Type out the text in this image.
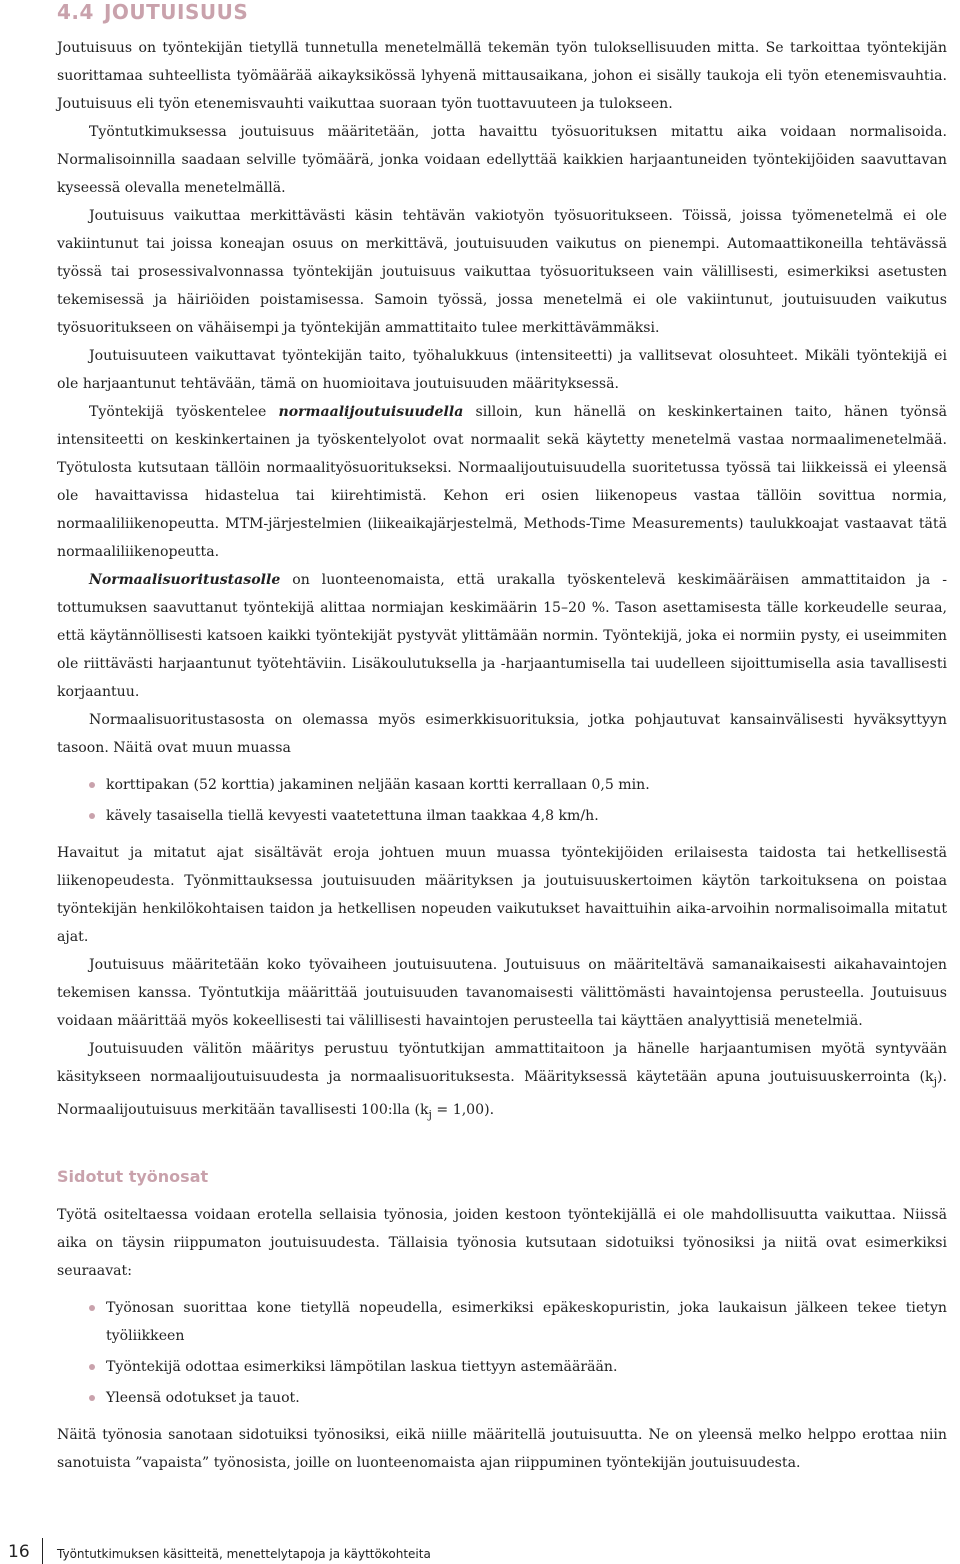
4.4 JOUTUISUUS

Joutuisuus on työntekijän tietyllä tunnetulla menetelmällä tekemän työn tuloksellisuuden mitta. Se tarkoittaa työntekijän suorittamaa suhteellista työmäärää aikayksikössä lyhyenä mittausaikana, johon ei sisälly taukoja eli työn etenemisvauhtia. Joutuisuus eli työn etenemisvauhti vaikuttaa suoraan työn tuottavuuteen ja tulokseen.

Työntutkimuksessa joutuisuus määritetään, jotta havaittu työsuorituksen mitattu aika voidaan normalisoida. Normalisoinnilla saadaan selville työmäärä, jonka voidaan edellyttää kaikkien harjaantuneiden työntekijöiden saavuttavan kyseessä olevalla menetelmällä.

Joutuisuus vaikuttaa merkittävästi käsin tehtävän vakiotyön työsuoritukseen. Töissä, joissa työmenetelmä ei ole vakiintunut tai joissa koneajan osuus on merkittävä, joutuisuuden vaikutus on pienempi. Automaattikoneilla tehtävässä työssä tai prosessivalvonnassa työntekijän joutuisuus vaikuttaa työsuoritukseen vain välillisesti, esimerkiksi asetusten tekemisessä ja häiriöiden poistamisessa. Samoin työssä, jossa menetelmä ei ole vakiintunut, joutuisuuden vaikutus työsuoritukseen on vähäisempi ja työntekijän ammattitaito tulee merkittävämmäksi.

Joutuisuuteen vaikuttavat työntekijän taito, työhalukkuus (intensiteetti) ja vallitsevat olosuhteet. Mikäli työntekijä ei ole harjaantunut tehtävään, tämä on huomioitava joutuisuuden määrityksessä.

Työntekijä työskentelee normaalijoutuisuudella silloin, kun hänellä on keskinkertainen taito, hänen työnsä intensiteetti on keskinkertainen ja työskentelyolot ovat normaalit sekä käytetty menetelmä vastaa normaalimenetelmää. Työtulosta kutsutaan tällöin normaalityösuoritukseksi. Normaalijoutuisuudella suoritetussa työssä tai liikkeissä ei yleensä ole havaittavissa hidastelua tai kiirehtimistä. Kehon eri osien liikenopeus vastaa tällöin sovittua normia, normaaliliikenopeutta. MTM-järjestelmien (liikeaikajärjestelmä, Methods-Time Measurements) taulukkoajat vastaavat tätä normaaliliikenopeutta.

Normaalisuoritustasolle on luonteenomaista, että urakalla työskentelevä keskimääräisen ammattitaidon ja -tottumuksen saavuttanut työntekijä alittaa normiajan keskimäärin 15–20 %. Tason asettamisesta tälle korkeudelle seuraa, että käytännöllisesti katsoen kaikki työntekijät pystyvät ylittämään normin. Työntekijä, joka ei normiin pysty, ei useimmiten ole riittävästi harjaantunut työtehtäviin. Lisäkoulutuksella ja -harjaantumisella tai uudelleen sijoittumisella asia tavallisesti korjaantuu.

Normaalisuoritustasosta on olemassa myös esimerkkisuorituksia, jotka pohjautuvat kansainvälisesti hyväksyttyyn tasoon. Näitä ovat muun muassa

korttipakan (52 korttia) jakaminen neljään kasaan kortti kerrallaan 0,5 min.
kävely tasaisella tiellä kevyesti vaatetettuna ilman taakkaa 4,8 km/h.

Havaitut ja mitatut ajat sisältävät eroja johtuen muun muassa työntekijöiden erilaisesta taidosta tai hetkellisestä liikenopeudesta. Työnmittauksessa joutuisuuden määrityksen ja joutuisuuskertoimen käytön tarkoituksena on poistaa työntekijän henkilökohtaisen taidon ja hetkellisen nopeuden vaikutukset havaittuihin aika-arvoihin normalisoimalla mitatut ajat.

Joutuisuus määritetään koko työvaiheen joutuisuutena. Joutuisuus on määriteltävä samanaikaisesti aikahavaintojen tekemisen kanssa. Työntutkija määrittää joutuisuuden tavanomaisesti välittömästi havaintojensa perusteella. Joutuisuus voidaan määrittää myös kokeellisesti tai välillisesti havaintojen perusteella tai käyttäen analyyttisiä menetelmiä.

Joutuisuuden välitön määritys perustuu työntutkijan ammattitaitoon ja hänelle harjaantumisen myötä syntyvään käsitykseen normaalijoutuisuudesta ja normaalisuorituksesta. Määrityksessä käytetään apuna joutuisuuskerrointa $(k_j)$. Normaalijoutuisuus merkitään tavallisesti 100:lla $(k_j = 1,00)$.

Sidotut työnosat

Työtä ositeltaessa voidaan erotella sellaisia työnosia, joiden kestoon työntekijällä ei ole mahdollisuutta vaikuttaa. Niissä aika on täysin riippumaton joutuisuudesta. Tällaisia työnosia kutsutaan sidotuiksi työnosiksi ja niitä ovat esimerkiksi seuraavat:

Työnosan suorittaa kone tietyllä nopeudella, esimerkiksi epäkeskopuristin, joka laukaisun jälkeen tekee tietyn työliikkeen
Työntekijä odottaa esimerkiksi lämpötilan laskua tiettyyn astemäärään.
Yleensä odotukset ja tauot.

Näitä työnosia sanotaan sidotuiksi työnosiksi, eikä niille määritellä joutuisuutta. Ne on yleensä melko helppo erottaa niin sanotuista ”vapaista” työnosista, joille on luonteenomaista ajan riippuminen työntekijän joutuisuudesta.

16 Työntutkimuksen käsitteitä, menettelytapoja ja käyttökohteita
